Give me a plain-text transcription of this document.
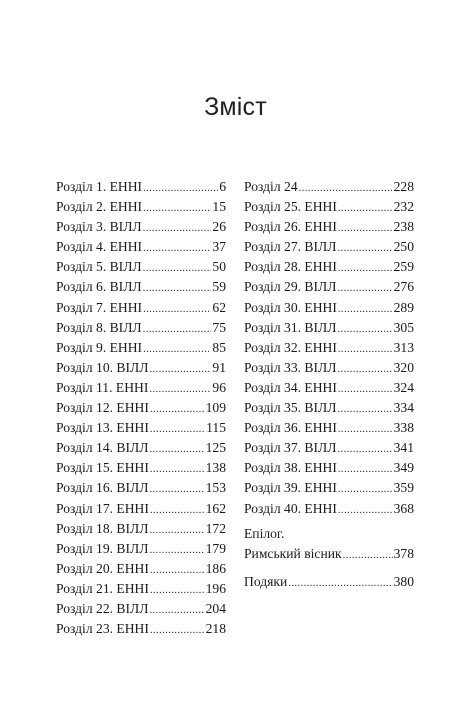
Зміст
Розділ 1. ЕННІ .....	6
Розділ 2. ЕННІ .....	15
Розділ 3. ВІЛЛ .....	26
Розділ 4. ЕННІ .....	37
Розділ 5. ВІЛЛ .....	50
Розділ 6. ВІЛЛ .....	59
Розділ 7. ЕННІ .....	62
Розділ 8. ВІЛЛ .....	75
Розділ 9. ЕННІ .....	85
Розділ 10. ВІЛЛ .....	91
Розділ 11. ЕННІ .....	96
Розділ 12. ЕННІ .....	109
Розділ 13. ЕННІ .....	115
Розділ 14. ВІЛЛ .....	125
Розділ 15. ЕННІ .....	138
Розділ 16. ВІЛЛ .....	153
Розділ 17. ЕННІ .....	162
Розділ 18. ВІЛЛ .....	172
Розділ 19. ВІЛЛ .....	179
Розділ 20. ЕННІ .....	186
Розділ 21. ЕННІ .....	196
Розділ 22. ВІЛЛ .....	204
Розділ 23. ЕННІ .....	218
Розділ 24 .....	228
Розділ 25. ЕННІ .....	232
Розділ 26. ЕННІ .....	238
Розділ 27. ВІЛЛ .....	250
Розділ 28. ЕННІ .....	259
Розділ 29. ВІЛЛ .....	276
Розділ 30. ЕННІ .....	289
Розділ 31. ВІЛЛ .....	305
Розділ 32. ЕННІ .....	313
Розділ 33. ВІЛЛ .....	320
Розділ 34. ЕННІ .....	324
Розділ 35. ВІЛЛ .....	334
Розділ 36. ЕННІ .....	338
Розділ 37. ВІЛЛ .....	341
Розділ 38. ЕННІ .....	349
Розділ 39. ЕННІ .....	359
Розділ 40. ЕННІ .....	368
Епілог.
Римський вісник .....	378
Подяки .....	380
